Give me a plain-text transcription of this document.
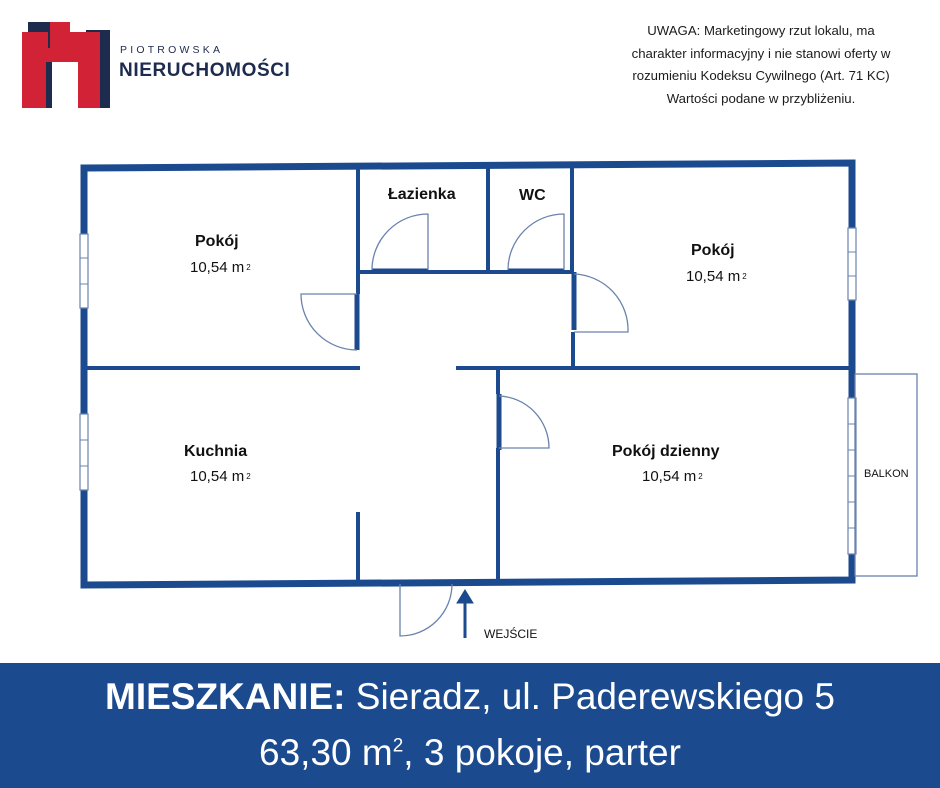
PIOTROWSKA
NIERUCHOMOŚCI
UWAGA: Marketingowy rzut lokalu, ma
charakter informacyjny i nie stanowi oferty w
rozumieniu Kodeksu Cywilnego (Art. 71 KC)
Wartości podane w przybliżeniu.
Pokój
10,54 m $^2$
Łazienka	WC
Pokój
10,54 m $^2$
Kuchnia
10,54 m $^2$
Pokój dzienny
10,54 m $^2$	BALKON
WEJŚCIE
MIESZKANIE: Sieradz, ul. Paderewskiego 5
63,30 $m^2$, 3 pokoje, parter
